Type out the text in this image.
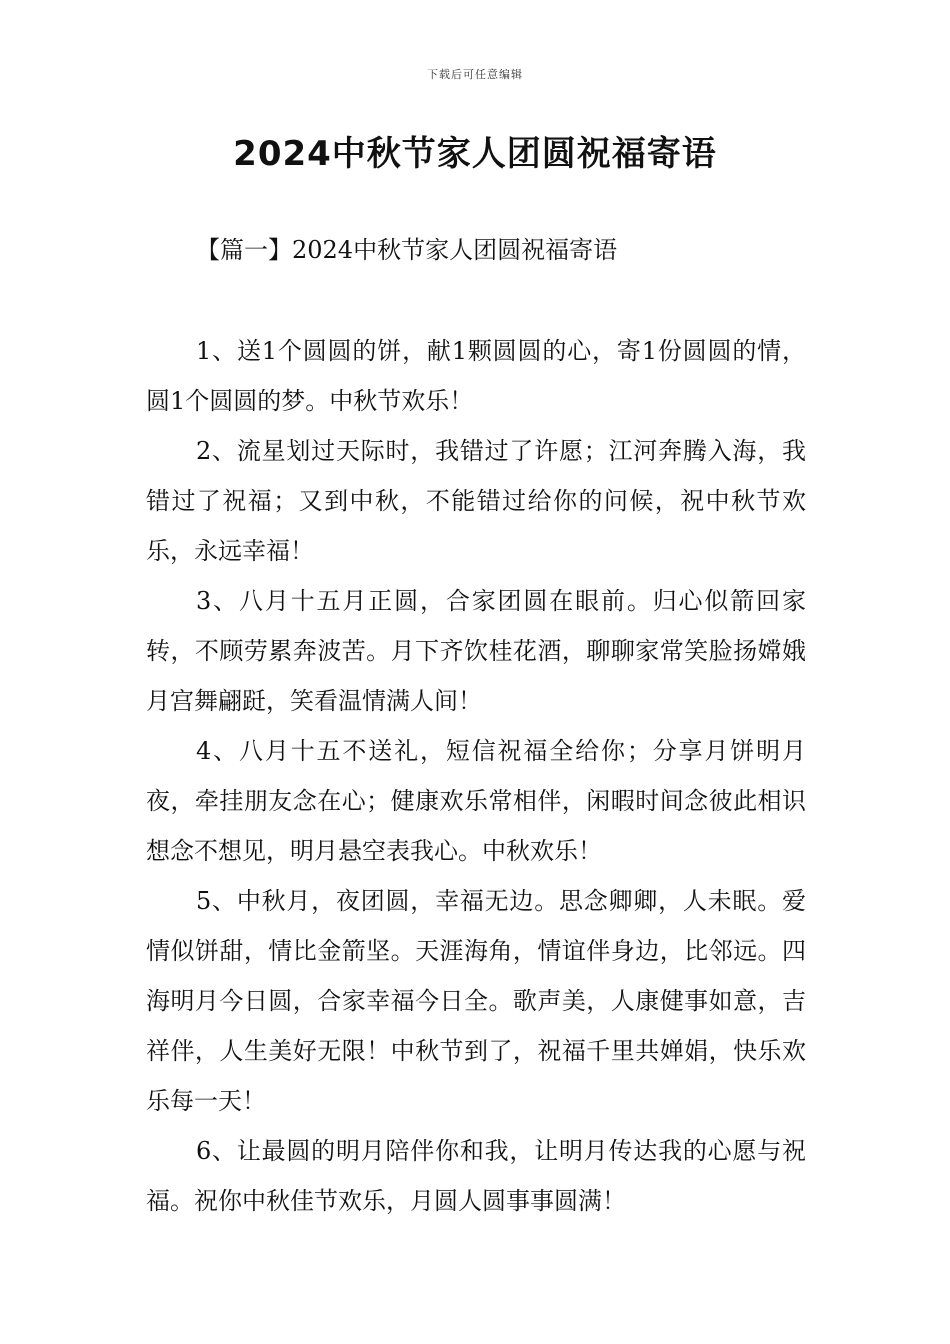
下载后可任意编辑
2024中秋节家人团圆祝福寄语
【篇一】2024中秋节家人团圆祝福寄语

1、送1个圆圆的饼，献1颗圆圆的心，寄1份圆圆的情，圆1个圆圆的梦。中秋节欢乐！

2、流星划过天际时，我错过了许愿；江河奔腾入海，我错过了祝福；又到中秋，不能错过给你的问候，祝中秋节欢乐，永远幸福！

3、八月十五月正圆，合家团圆在眼前。归心似箭回家转，不顾劳累奔波苦。月下齐饮桂花酒，聊聊家常笑脸扬嫦娥月宫舞翩跹，笑看温情满人间！

4、八月十五不送礼，短信祝福全给你；分享月饼明月夜，牵挂朋友念在心；健康欢乐常相伴，闲暇时间念彼此相识想念不想见，明月悬空表我心。中秋欢乐！

5、中秋月，夜团圆，幸福无边。思念卿卿，人未眠。爱情似饼甜，情比金箭坚。天涯海角，情谊伴身边，比邻远。四海明月今日圆，合家幸福今日全。歌声美，人康健事如意，吉祥伴，人生美好无限！中秋节到了，祝福千里共婵娟，快乐欢乐每一天！

6、让最圆的明月陪伴你和我，让明月传达我的心愿与祝福。祝你中秋佳节欢乐，月圆人圆事事圆满！
